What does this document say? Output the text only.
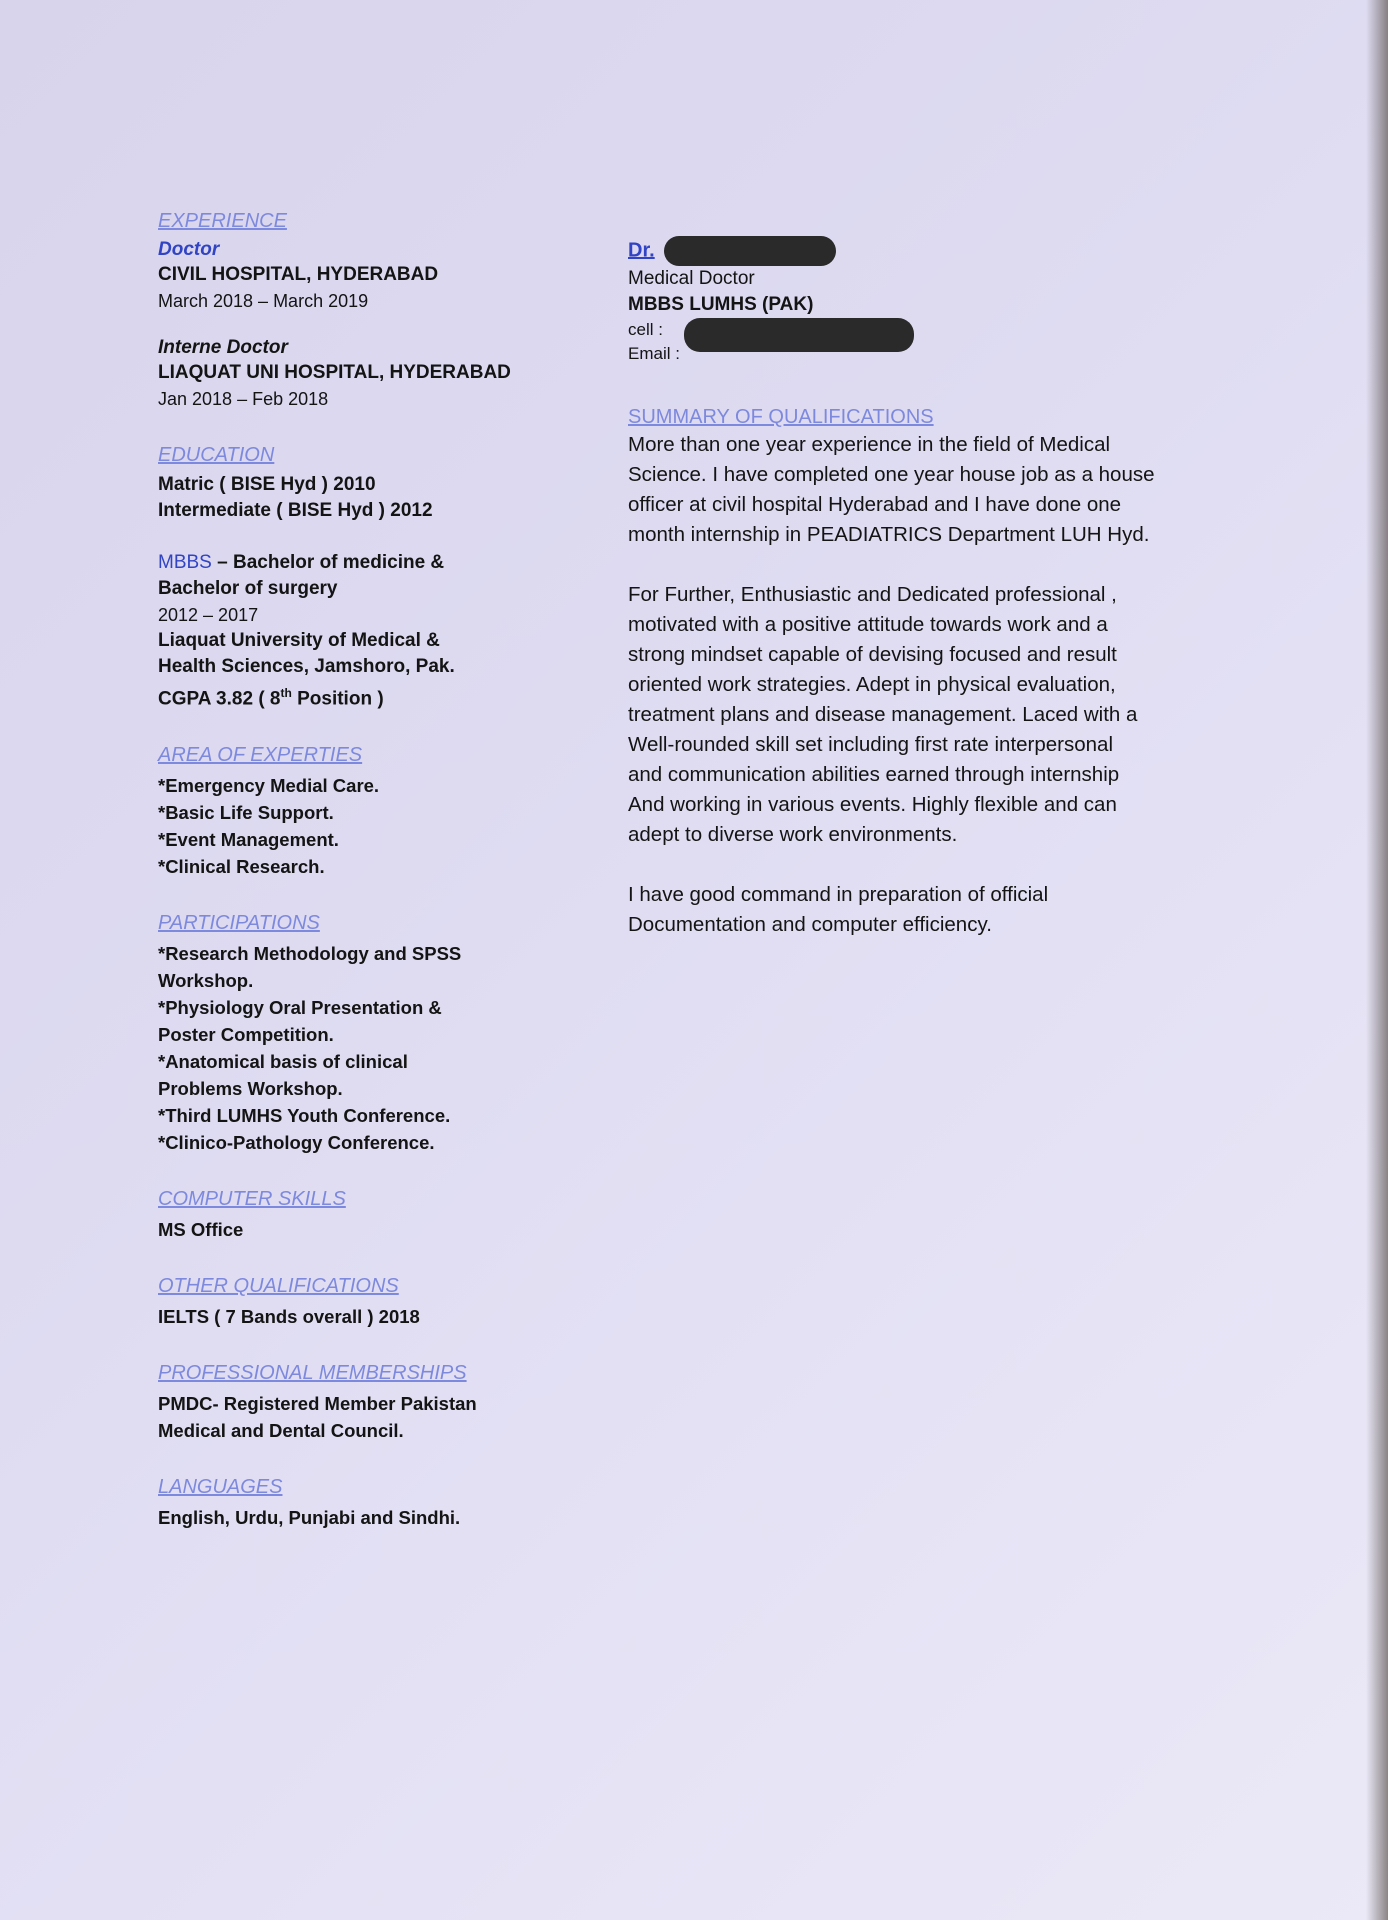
EXPERIENCE
Doctor
CIVIL HOSPITAL, HYDERABAD
March 2018 – March 2019
Interne Doctor
LIAQUAT UNI HOSPITAL, HYDERABAD
Jan 2018 – Feb 2018
EDUCATION
Matric ( BISE Hyd ) 2010
Intermediate ( BISE Hyd ) 2012
MBBS – Bachelor of medicine &
Bachelor of surgery
2012 – 2017
Liaquat University of Medical &
Health Sciences, Jamshoro, Pak.
CGPA 3.82 ( 8th Position )
AREA OF EXPERTIES
*Emergency Medial Care.
*Basic Life Support.
*Event Management.
*Clinical Research.
PARTICIPATIONS
*Research Methodology and SPSS
Workshop.
*Physiology Oral Presentation &
Poster Competition.
*Anatomical basis of clinical
Problems Workshop.
*Third LUMHS Youth Conference.
*Clinico-Pathology Conference.
COMPUTER SKILLS
MS Office
OTHER QUALIFICATIONS
IELTS ( 7 Bands overall ) 2018
PROFESSIONAL MEMBERSHIPS
PMDC- Registered Member Pakistan
Medical and Dental Council.
LANGUAGES
English, Urdu, Punjabi and Sindhi.
Dr.
Medical Doctor
MBBS LUMHS (PAK)
cell :
Email :
SUMMARY OF QUALIFICATIONS
More than one year experience in the field of Medical
Science. I have completed one year house job as a house
officer at civil hospital Hyderabad and I have done one
month internship in PEADIATRICS Department LUH Hyd.
For Further, Enthusiastic and Dedicated professional ,
motivated with a positive attitude towards work and a
strong mindset capable of devising focused and result
oriented work strategies. Adept in physical evaluation,
treatment plans and disease management. Laced with a
Well-rounded skill set including first rate interpersonal
and communication abilities earned through internship
And working in various events. Highly flexible and can
adept to diverse work environments.
I have good command in preparation of official
Documentation and computer efficiency.
